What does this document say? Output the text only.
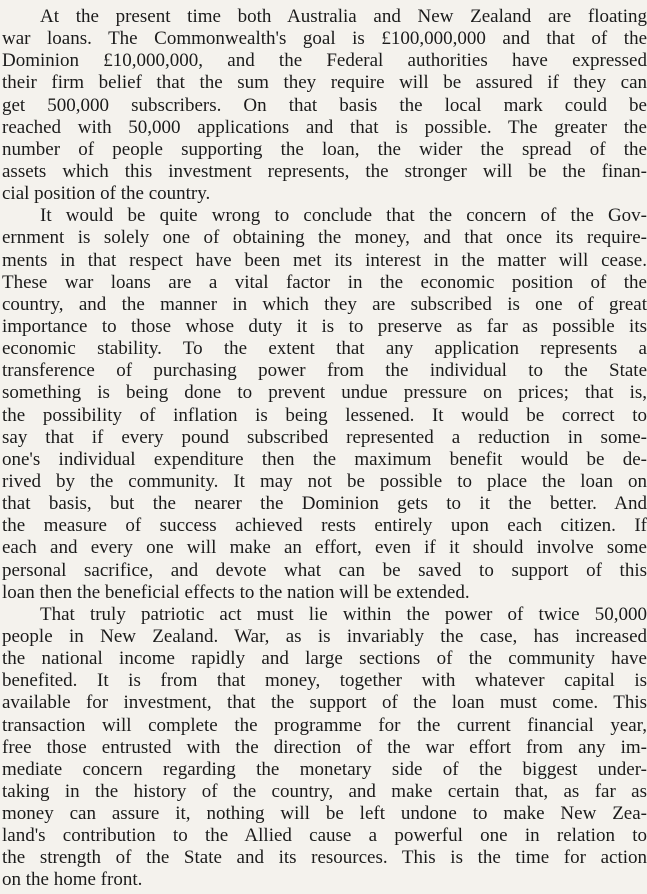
At the present time both Australia and New Zealand are floating
war loans. The Commonwealth's goal is £100,000,000 and that of the
Dominion £10,000,000, and the Federal authorities have expressed
their firm belief that the sum they require will be assured if they can
get 500,000 subscribers. On that basis the local mark could be
reached with 50,000 applications and that is possible. The greater the
number of people supporting the loan, the wider the spread of the
assets which this investment represents, the stronger will be the finan-
cial position of the country.
It would be quite wrong to conclude that the concern of the Gov-
ernment is solely one of obtaining the money, and that once its require-
ments in that respect have been met its interest in the matter will cease.
These war loans are a vital factor in the economic position of the
country, and the manner in which they are subscribed is one of great
importance to those whose duty it is to preserve as far as possible its
economic stability. To the extent that any application represents a
transference of purchasing power from the individual to the State
something is being done to prevent undue pressure on prices; that is,
the possibility of inflation is being lessened. It would be correct to
say that if every pound subscribed represented a reduction in some-
one's individual expenditure then the maximum benefit would be de-
rived by the community. It may not be possible to place the loan on
that basis, but the nearer the Dominion gets to it the better. And
the measure of success achieved rests entirely upon each citizen. If
each and every one will make an effort, even if it should involve some
personal sacrifice, and devote what can be saved to support of this
loan then the beneficial effects to the nation will be extended.
That truly patriotic act must lie within the power of twice 50,000
people in New Zealand. War, as is invariably the case, has increased
the national income rapidly and large sections of the community have
benefited. It is from that money, together with whatever capital is
available for investment, that the support of the loan must come. This
transaction will complete the programme for the current financial year,
free those entrusted with the direction of the war effort from any im-
mediate concern regarding the monetary side of the biggest under-
taking in the history of the country, and make certain that, as far as
money can assure it, nothing will be left undone to make New Zea-
land's contribution to the Allied cause a powerful one in relation to
the strength of the State and its resources. This is the time for action
on the home front.
